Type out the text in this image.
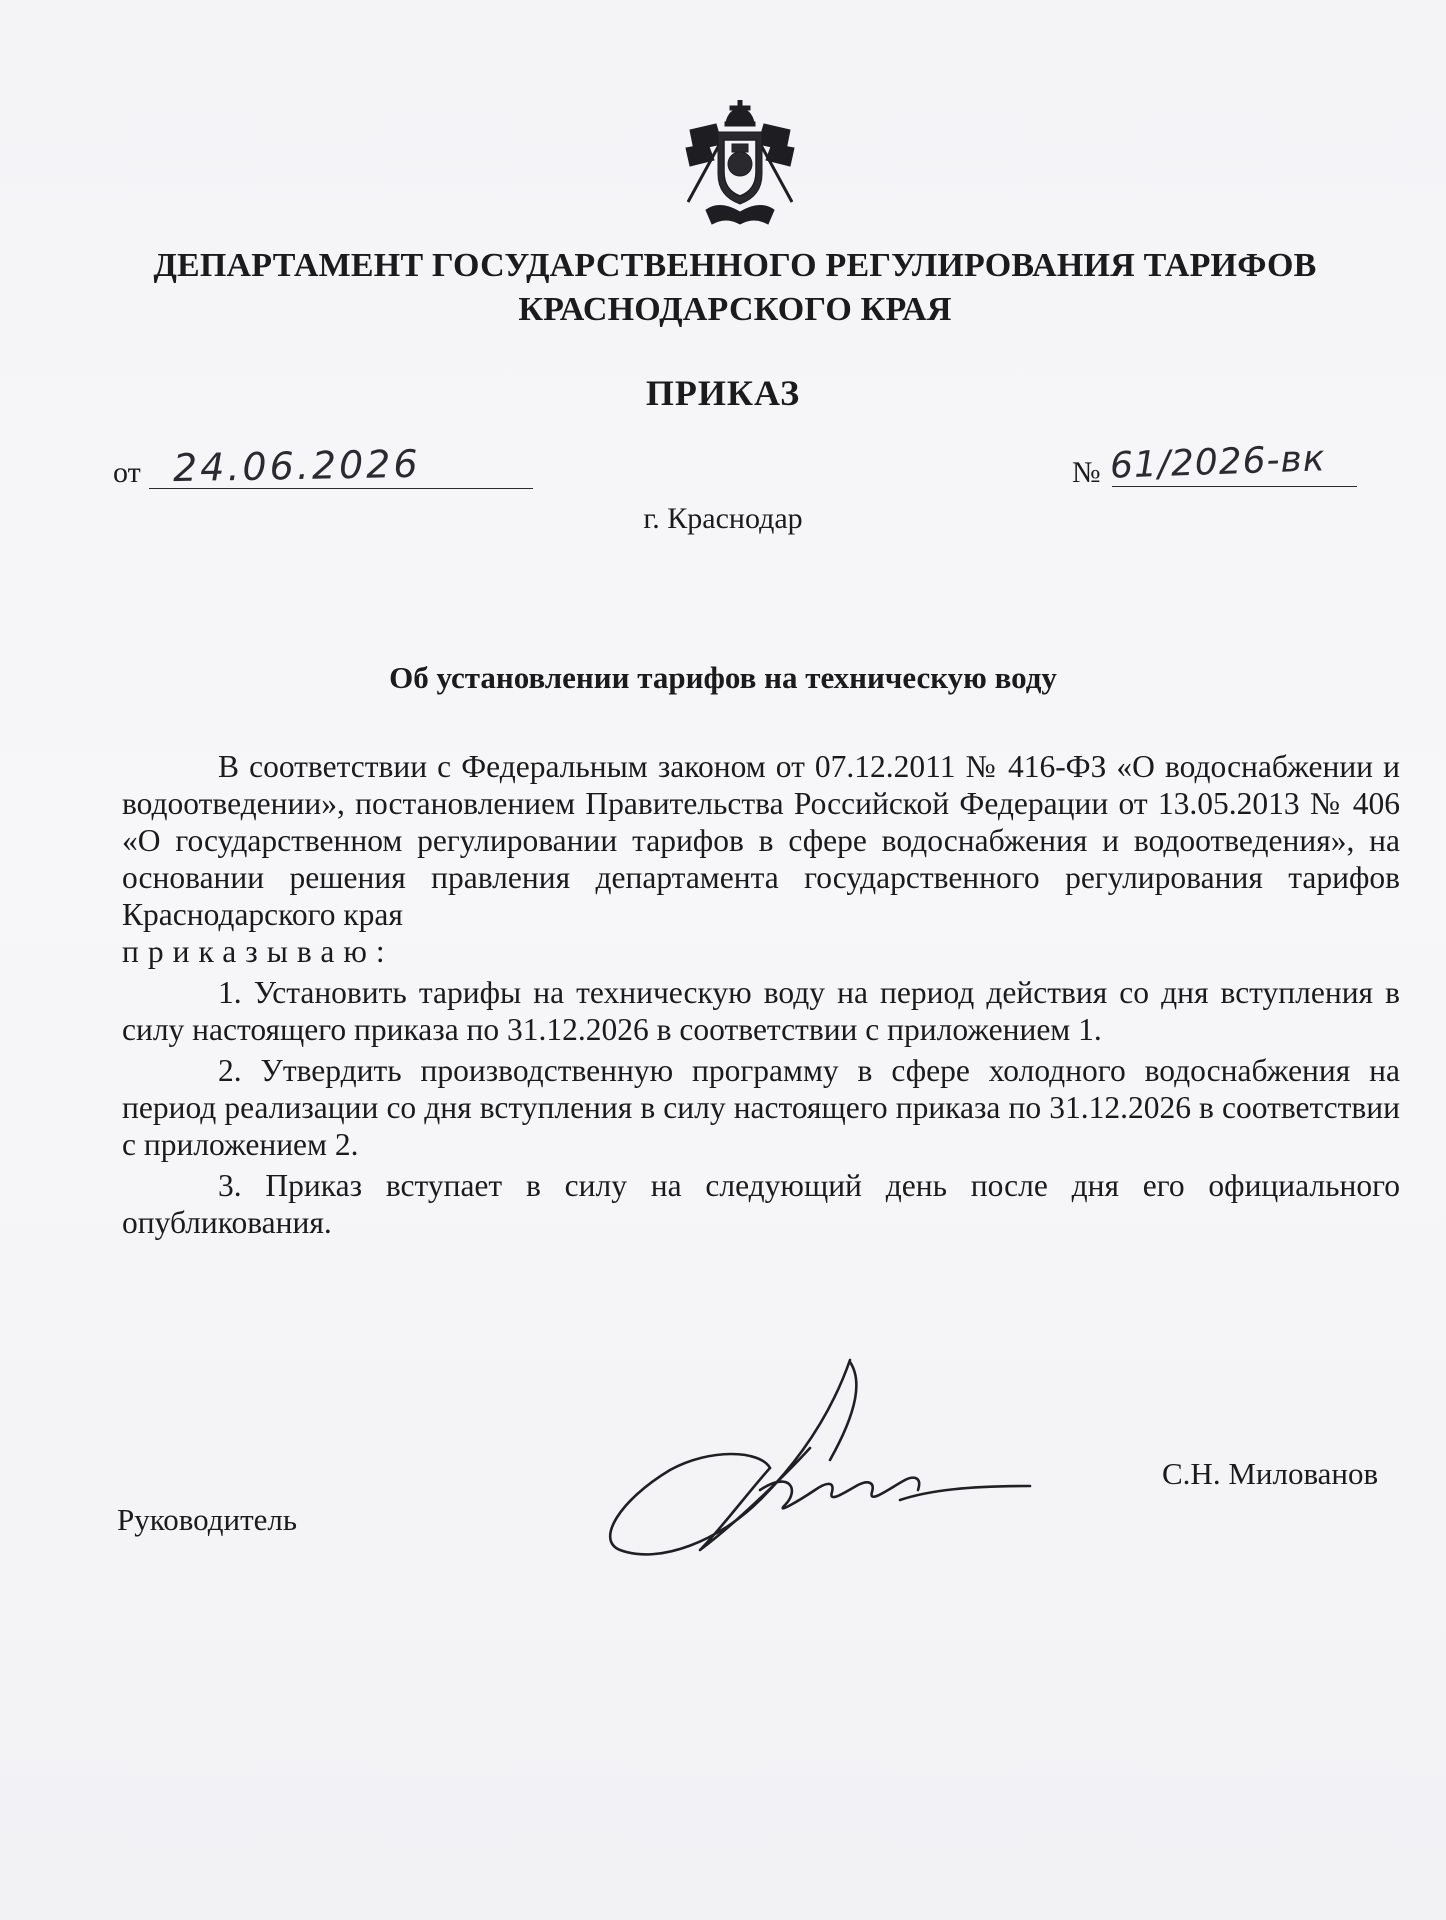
ДЕПАРТАМЕНТ ГОСУДАРСТВЕННОГО РЕГУЛИРОВАНИЯ ТАРИФОВ
КРАСНОДАРСКОГО КРАЯ
ПРИКАЗ
от 24.06.2026	№ 61/2026-вк
г. Краснодар
Об установлении тарифов на техническую воду

В соответствии с Федеральным законом от 07.12.2011 № 416-ФЗ «О водоснабжении и водоотведении», постановлением Правительства Российской Федерации от 13.05.2013 № 406 «О государственном регулировании тарифов в сфере водоснабжения и водоотведения», на основании решения правления департамента государственного регулирования тарифов Краснодарского края

приказываю:

1. Установить тарифы на техническую воду на период действия со дня вступления в силу настоящего приказа по 31.12.2026 в соответствии с приложением 1.

2. Утвердить производственную программу в сфере холодного водоснабжения на период реализации со дня вступления в силу настоящего приказа по 31.12.2026 в соответствии с приложением 2.

3. Приказ вступает в силу на следующий день после дня его официального опубликования.

Руководитель
С.Н. Милованов
